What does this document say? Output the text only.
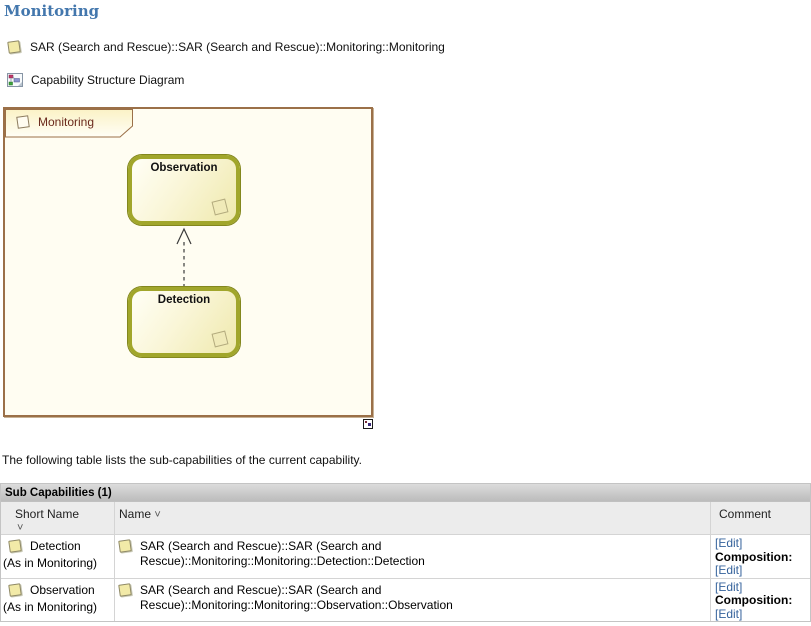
Monitoring
SAR (Search and Rescue)::SAR (Search and Rescue)::Monitoring::Monitoring
Capability Structure Diagram
Monitoring
Observation
Detection
The following table lists the sub-capabilities of the current capability.
Sub Capabilities (1)
Short Name
˅
Name ˅	Comment
Detection
(As in Monitoring)
SAR (Search and Rescue)::SAR (Search and Rescue)::Monitoring::Monitoring::Detection::Detection
[Edit]
Composition:
[Edit]
Observation
(As in Monitoring)
SAR (Search and Rescue)::SAR (Search and Rescue)::Monitoring::Monitoring::Observation::Observation
[Edit]
Composition:
[Edit]
